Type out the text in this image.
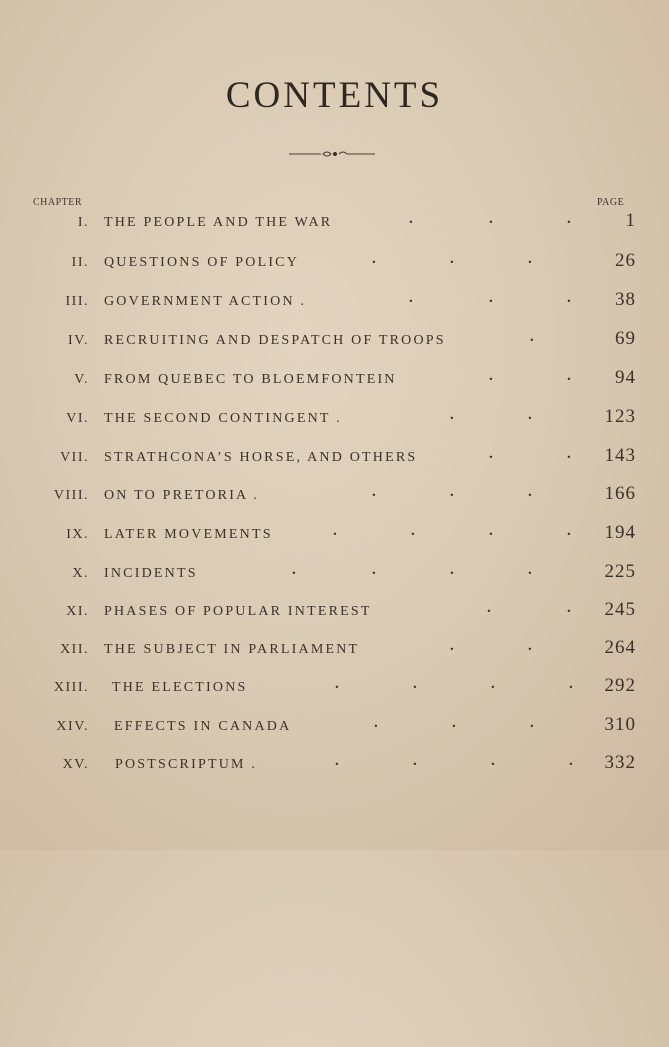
CONTENTS
CHAPTER	PAGE
I. THE PEOPLE AND THE WAR	.	.	.	1
II. QUESTIONS OF POLICY	.	.	.	26
III. GOVERNMENT ACTION .	.	.	. 38
IV. RECRUITING AND DESPATCH OF TROOPS	.	69
V. FROM QUEBEC TO BLOEMFONTEIN	.	. 94
VI. THE SECOND CONTINGENT .	.	.	123
VII. STRATHCONA’S HORSE, AND OTHERS	.	. 143
VIII. ON TO PRETORIA .	.	.	.	166
IX. LATER MOVEMENTS	.	.	.	. 194
X. INCIDENTS	.	.	.	.	225
XI. PHASES OF POPULAR INTEREST	.	. 245
XII. THE SUBJECT IN PARLIAMENT	.	.	264
XIII. THE ELECTIONS	.	.	.	. 292
XIV. EFFECTS IN CANADA	.	.	.	310
XV. POSTSCRIPTUM .	.	.	.	. 332
